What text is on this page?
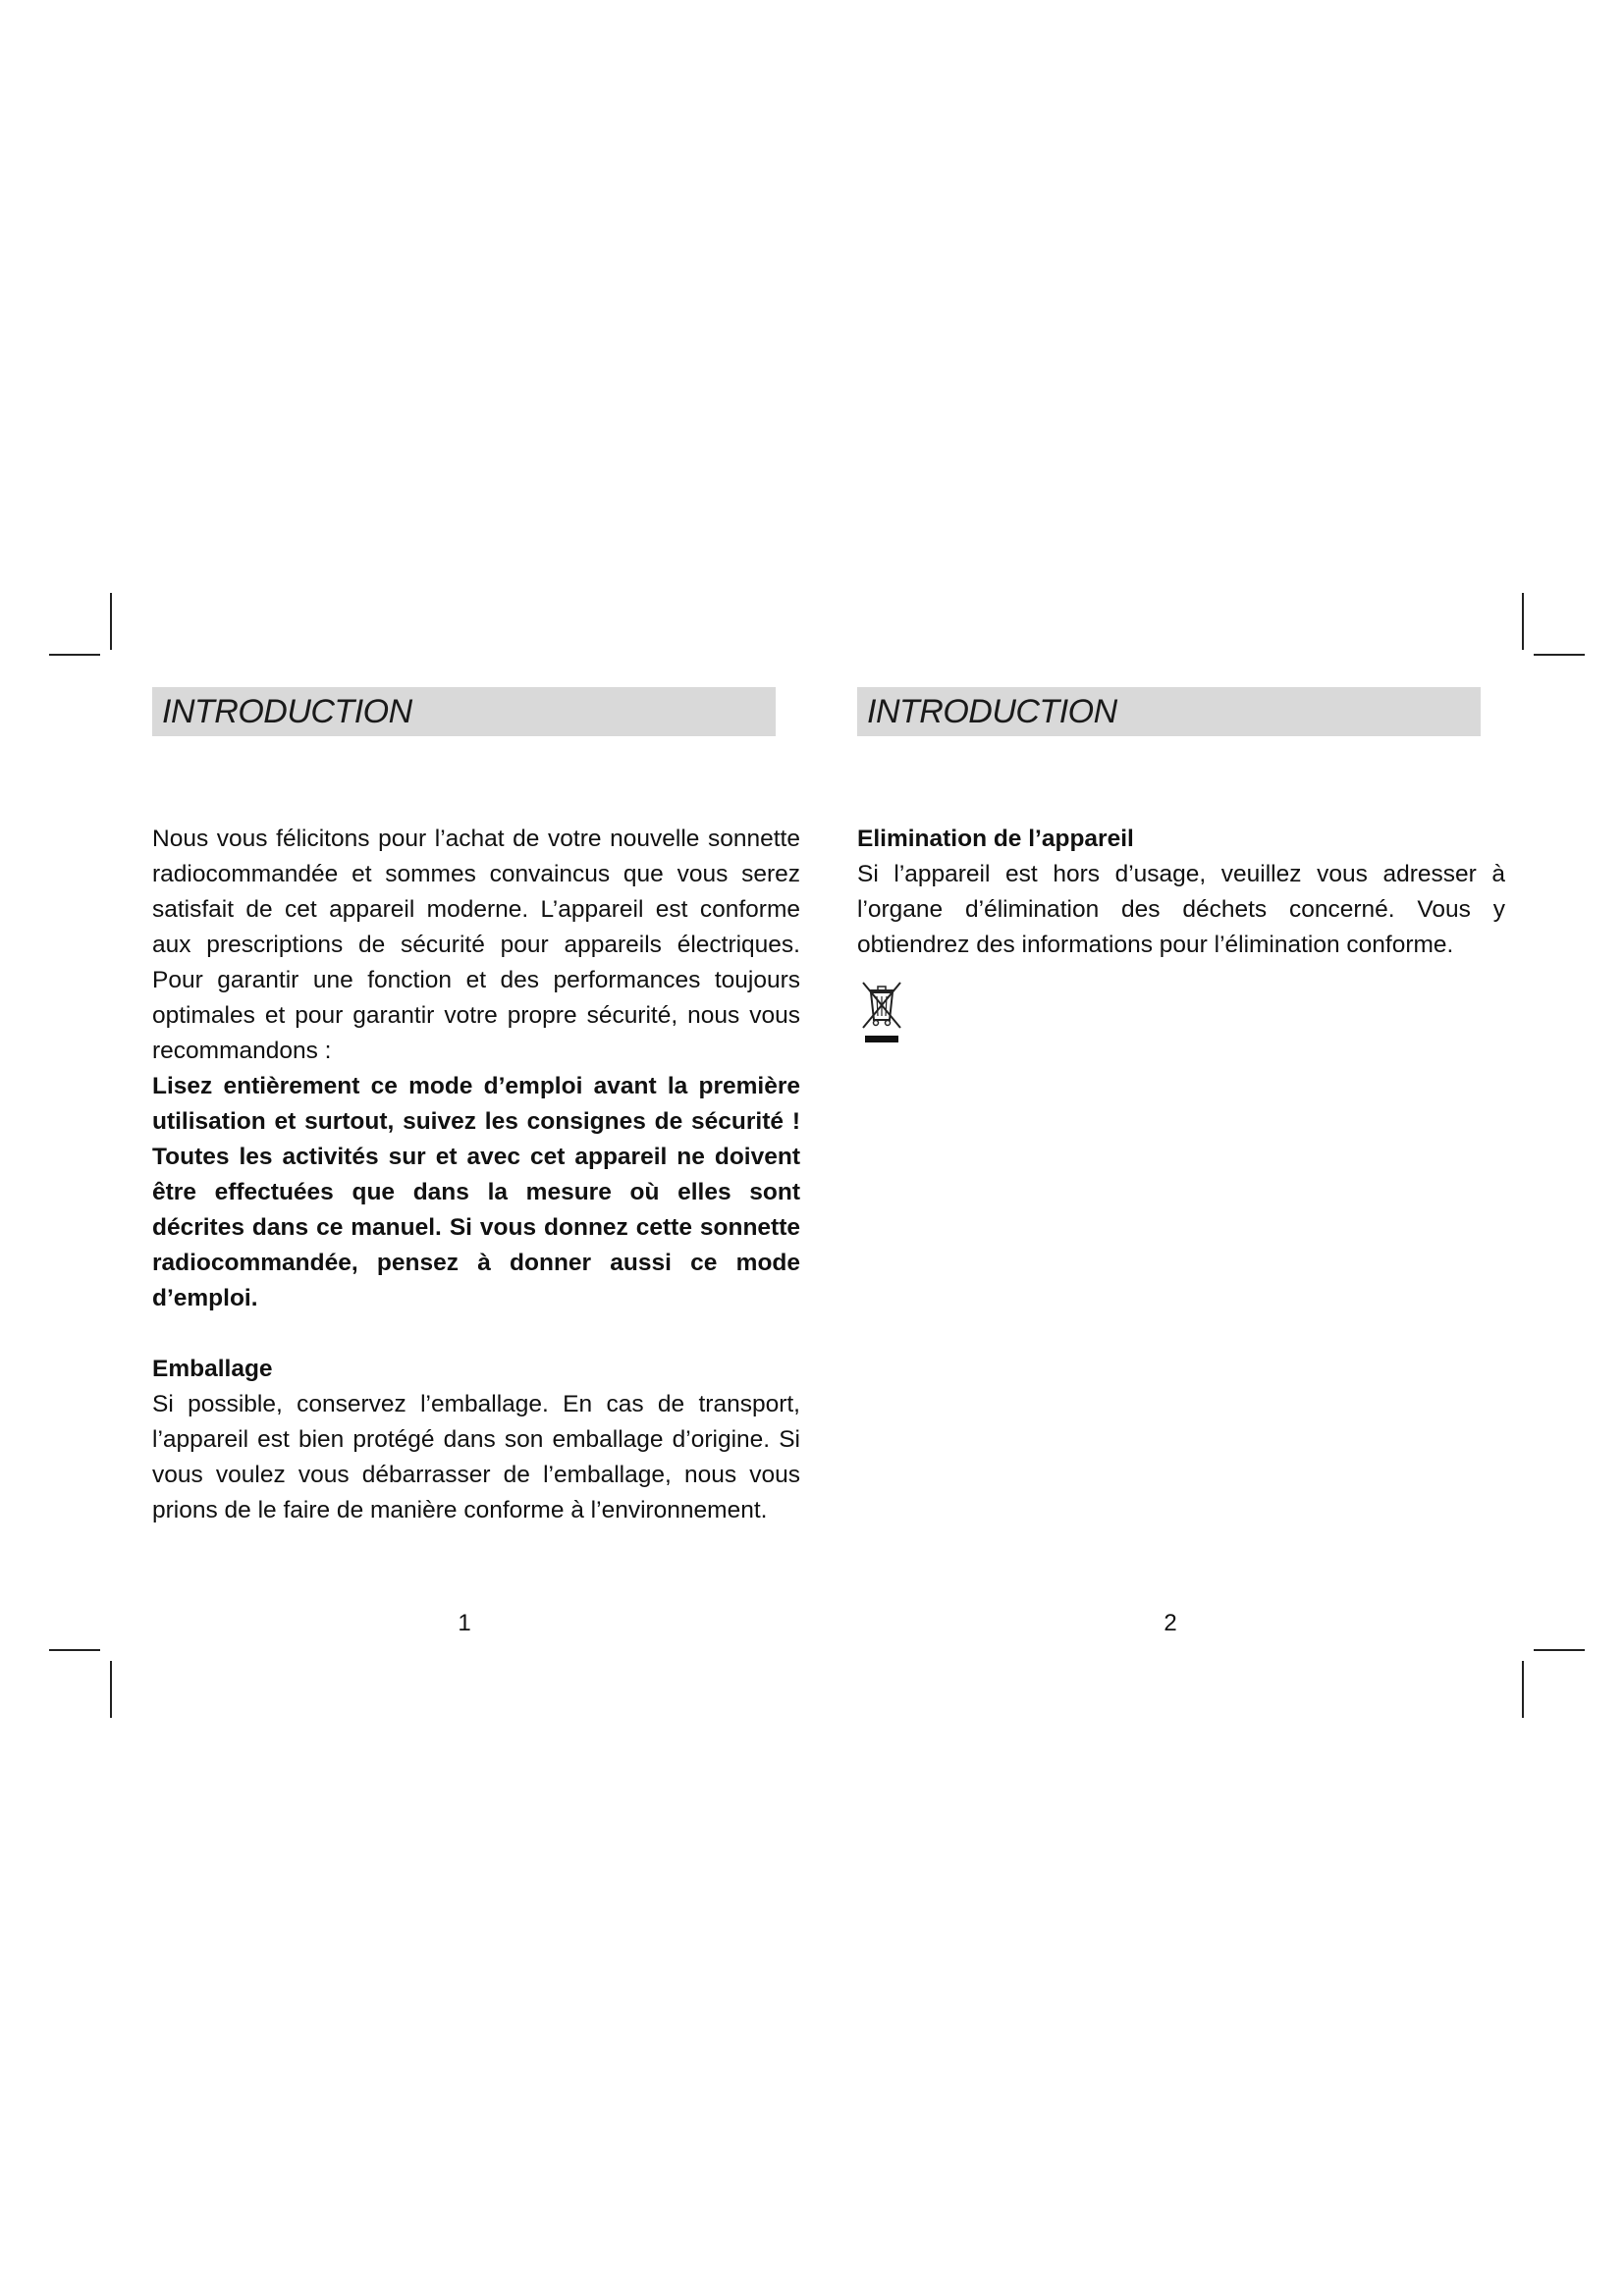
INTRODUCTION

Nous vous félicitons pour l’achat de votre nouvelle sonnette radiocommandée et sommes convaincus que vous serez satisfait de cet appareil moderne. L’appareil est conforme aux prescriptions de sécurité pour appareils électriques. Pour garantir une fonction et des performances toujours optimales et pour garantir votre propre sécurité, nous vous recommandons :

Lisez entièrement ce mode d’emploi avant la première utilisation et surtout, suivez les consignes de sécurité ! Toutes les activités sur et avec cet appareil ne doivent être effectuées que dans la mesure où elles sont décrites dans ce manuel. Si vous donnez cette sonnette radiocommandée, pensez à donner aussi ce mode d’emploi.

Emballage

Si possible, conservez l’emballage. En cas de transport, l’appareil est bien protégé dans son emballage d’origine. Si vous voulez vous débarrasser de l’emballage, nous vous prions de le faire de manière conforme à l’environnement.

1
INTRODUCTION

Elimination de l’appareil

Si l’appareil est hors d’usage, veuillez vous adresser à l’organe d’élimination des déchets concerné. Vous y obtiendrez des informations pour l’élimination conforme.

2
